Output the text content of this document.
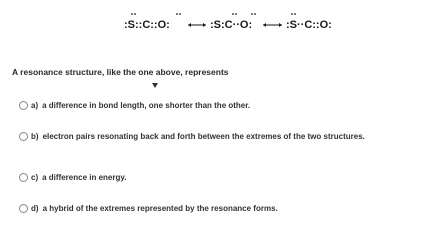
:S::C::O:	:S:C··O:	:S··C::O:
A resonance structure, like the one above, represents
a) a difference in bond length, one shorter than the other.
b) electron pairs resonating back and forth between the extremes of the two structures.
c) a difference in energy.
d) a hybrid of the extremes represented by the resonance forms.
